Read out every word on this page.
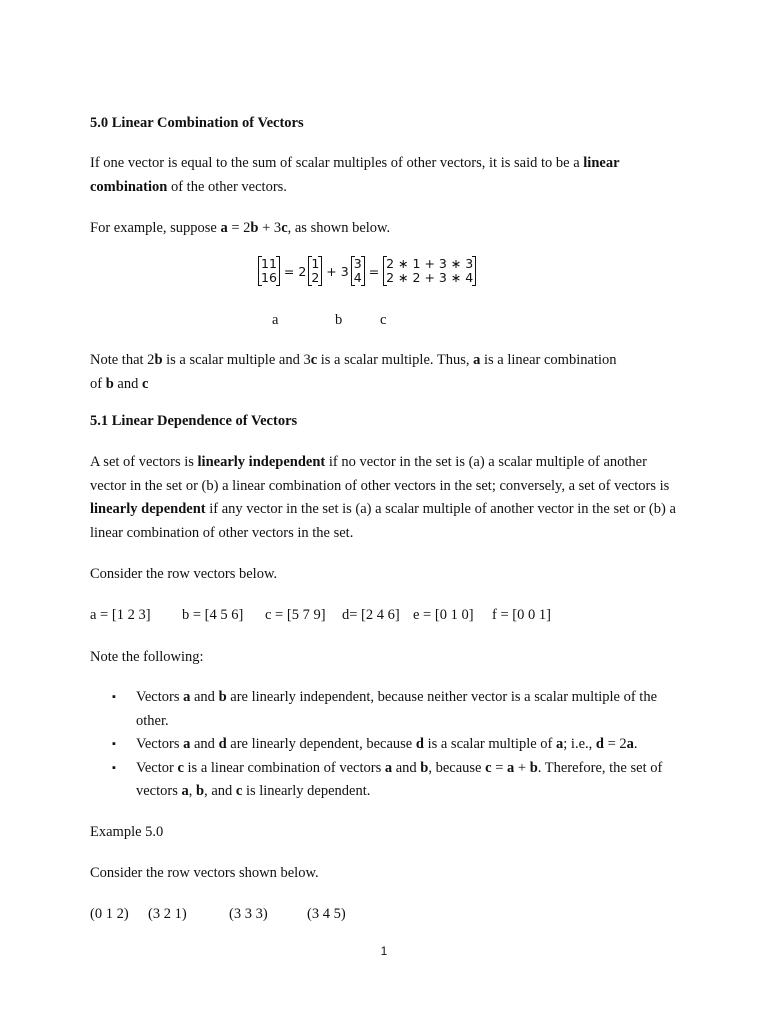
5.0 Linear Combination of Vectors
If one vector is equal to the sum of scalar multiples of other vectors, it is said to be a linear combination of the other vectors.
For example, suppose a = 2b + 3c, as shown below.
11
16 = 2 1
2 + 3 3
4 = 2 ∗ 1 + 3 ∗ 3
2 ∗ 2 + 3 ∗ 4
a	b	c
Note that 2b is a scalar multiple and 3c is a scalar multiple. Thus, a is a linear combination
of b and c
5.1 Linear Dependence of Vectors
A set of vectors is linearly independent if no vector in the set is (a) a scalar multiple of another vector in the set or (b) a linear combination of other vectors in the set; conversely, a set of vectors is linearly dependent if any vector in the set is (a) a scalar multiple of another vector in the set or (b) a linear combination of other vectors in the set.
Consider the row vectors below.
a = [1 2 3] b = [4 5 6] c = [5 7 9] d= [2 4 6] e = [0 1 0] f = [0 0 1]
Note the following:
▪ Vectors a and b are linearly independent, because neither vector is a scalar multiple of the other.
▪ Vectors a and d are linearly dependent, because d is a scalar multiple of a; i.e., d = 2a.
▪ Vector c is a linear combination of vectors a and b, because c = a + b. Therefore, the set of vectors a, b, and c is linearly dependent.
Example 5.0
Consider the row vectors shown below.
(0 1 2) (3 2 1)	(3 3 3)	(3 4 5)
1
